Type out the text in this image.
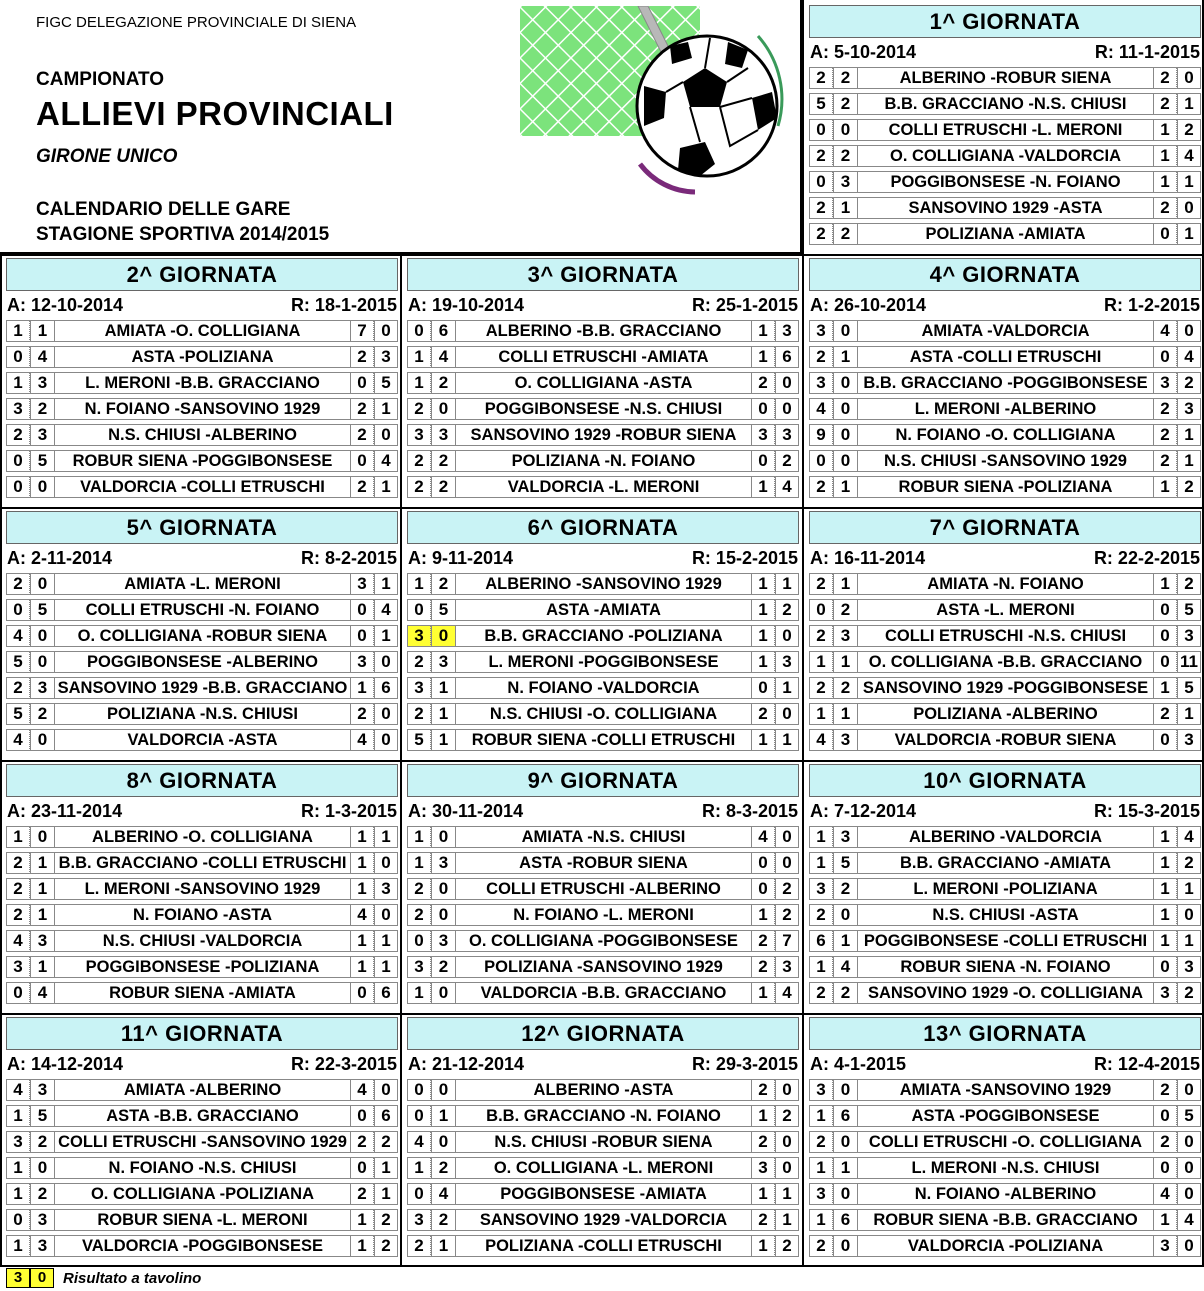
FIGC DELEGAZIONE PROVINCIALE DI SIENA
CAMPIONATO
ALLIEVI PROVINCIALI
GIRONE UNICO
CALENDARIO DELLE GARE
STAGIONE SPORTIVA 2014/2015
1^ GIORNATA
A: 5-10-2014	R: 11-1-2015
2 2	ALBERINO -ROBUR SIENA	2 0
5 2	B.B. GRACCIANO -N.S. CHIUSI	2 1
0 0	COLLI ETRUSCHI -L. MERONI	1 2
2 2	O. COLLIGIANA -VALDORCIA	1 4
0 3	POGGIBONSESE -N. FOIANO	1 1
2 1	SANSOVINO 1929 -ASTA	2 0
2 2	POLIZIANA -AMIATA	0 1
2^ GIORNATA
A: 12-10-2014	R: 18-1-2015
1 1	AMIATA -O. COLLIGIANA	7 0
0 4	ASTA -POLIZIANA	2 3
1 3	L. MERONI -B.B. GRACCIANO	0 5
3 2	N. FOIANO -SANSOVINO 1929	2 1
2 3	N.S. CHIUSI -ALBERINO	2 0
0 5	ROBUR SIENA -POGGIBONSESE	0 4
0 0	VALDORCIA -COLLI ETRUSCHI	2 1
3^ GIORNATA
A: 19-10-2014	R: 25-1-2015
0 6	ALBERINO -B.B. GRACCIANO	1 3
1 4	COLLI ETRUSCHI -AMIATA	1 6
1 2	O. COLLIGIANA -ASTA	2 0
2 0	POGGIBONSESE -N.S. CHIUSI	0 0
3 3	SANSOVINO 1929 -ROBUR SIENA	3 3
2 2	POLIZIANA -N. FOIANO	0 2
2 2	VALDORCIA -L. MERONI	1 4
4^ GIORNATA
A: 26-10-2014	R: 1-2-2015
3 0	AMIATA -VALDORCIA	4 0
2 1	ASTA -COLLI ETRUSCHI	0 4
3 0 B.B. GRACCIANO -POGGIBONSESE 3 2
4 0	L. MERONI -ALBERINO	2 3
9 0	N. FOIANO -O. COLLIGIANA	2 1
0 0	N.S. CHIUSI -SANSOVINO 1929	2 1
2 1	ROBUR SIENA -POLIZIANA	1 2
5^ GIORNATA
A: 2-11-2014	R: 8-2-2015
2 0	AMIATA -L. MERONI	3 1
0 5	COLLI ETRUSCHI -N. FOIANO	0 4
4 0	O. COLLIGIANA -ROBUR SIENA	0 1
5 0	POGGIBONSESE -ALBERINO	3 0
2 3 SANSOVINO 1929 -B.B. GRACCIANO 1 6
5 2	POLIZIANA -N.S. CHIUSI	2 0
4 0	VALDORCIA -ASTA	4 0
6^ GIORNATA
A: 9-11-2014	R: 15-2-2015
1 2	ALBERINO -SANSOVINO 1929	1 1
0 5	ASTA -AMIATA	1 2
3 0	B.B. GRACCIANO -POLIZIANA	1 0
2 3	L. MERONI -POGGIBONSESE	1 3
3 1	N. FOIANO -VALDORCIA	0 1
2 1	N.S. CHIUSI -O. COLLIGIANA	2 0
5 1	ROBUR SIENA -COLLI ETRUSCHI	1 1
7^ GIORNATA
A: 16-11-2014	R: 22-2-2015
2 1	AMIATA -N. FOIANO	1 2
0 2	ASTA -L. MERONI	0 5
2 3	COLLI ETRUSCHI -N.S. CHIUSI	0 3
1 1	O. COLLIGIANA -B.B. GRACCIANO	0 11
2 2 SANSOVINO 1929 -POGGIBONSESE 1 5
1 1	POLIZIANA -ALBERINO	2 1
4 3	VALDORCIA -ROBUR SIENA	0 3
8^ GIORNATA
A: 23-11-2014	R: 1-3-2015
1 0	ALBERINO -O. COLLIGIANA	1 1
2 1 B.B. GRACCIANO -COLLI ETRUSCHI 1 0
2 1	L. MERONI -SANSOVINO 1929	1 3
2 1	N. FOIANO -ASTA	4 0
4 3	N.S. CHIUSI -VALDORCIA	1 1
3 1	POGGIBONSESE -POLIZIANA	1 1
0 4	ROBUR SIENA -AMIATA	0 6
9^ GIORNATA
A: 30-11-2014	R: 8-3-2015
1 0	AMIATA -N.S. CHIUSI	4 0
1 3	ASTA -ROBUR SIENA	0 0
2 0	COLLI ETRUSCHI -ALBERINO	0 2
2 0	N. FOIANO -L. MERONI	1 2
0 3	O. COLLIGIANA -POGGIBONSESE	2 7
3 2	POLIZIANA -SANSOVINO 1929	2 3
1 0	VALDORCIA -B.B. GRACCIANO	1 4
10^ GIORNATA
A: 7-12-2014	R: 15-3-2015
1 3	ALBERINO -VALDORCIA	1 4
1 5	B.B. GRACCIANO -AMIATA	1 2
3 2	L. MERONI -POLIZIANA	1 1
2 0	N.S. CHIUSI -ASTA	1 0
6 1 POGGIBONSESE -COLLI ETRUSCHI 1 1
1 4	ROBUR SIENA -N. FOIANO	0 3
2 2	SANSOVINO 1929 -O. COLLIGIANA	3 2
11^ GIORNATA
A: 14-12-2014	R: 22-3-2015
4 3	AMIATA -ALBERINO	4 0
1 5	ASTA -B.B. GRACCIANO	0 6
3 2 COLLI ETRUSCHI -SANSOVINO 1929 2 2
1 0	N. FOIANO -N.S. CHIUSI	0 1
1 2	O. COLLIGIANA -POLIZIANA	2 1
0 3	ROBUR SIENA -L. MERONI	1 2
1 3	VALDORCIA -POGGIBONSESE	1 2
12^ GIORNATA
A: 21-12-2014	R: 29-3-2015
0 0	ALBERINO -ASTA	2 0
0 1	B.B. GRACCIANO -N. FOIANO	1 2
4 0	N.S. CHIUSI -ROBUR SIENA	2 0
1 2	O. COLLIGIANA -L. MERONI	3 0
0 4	POGGIBONSESE -AMIATA	1 1
3 2	SANSOVINO 1929 -VALDORCIA	2 1
2 1	POLIZIANA -COLLI ETRUSCHI	1 2
13^ GIORNATA
A: 4-1-2015	R: 12-4-2015
3 0	AMIATA -SANSOVINO 1929	2 0
1 6	ASTA -POGGIBONSESE	0 5
2 0	COLLI ETRUSCHI -O. COLLIGIANA	2 0
1 1	L. MERONI -N.S. CHIUSI	0 0
3 0	N. FOIANO -ALBERINO	4 0
1 6	ROBUR SIENA -B.B. GRACCIANO	1 4
2 0	VALDORCIA -POLIZIANA	3 0
3	0	Risultato a tavolino
